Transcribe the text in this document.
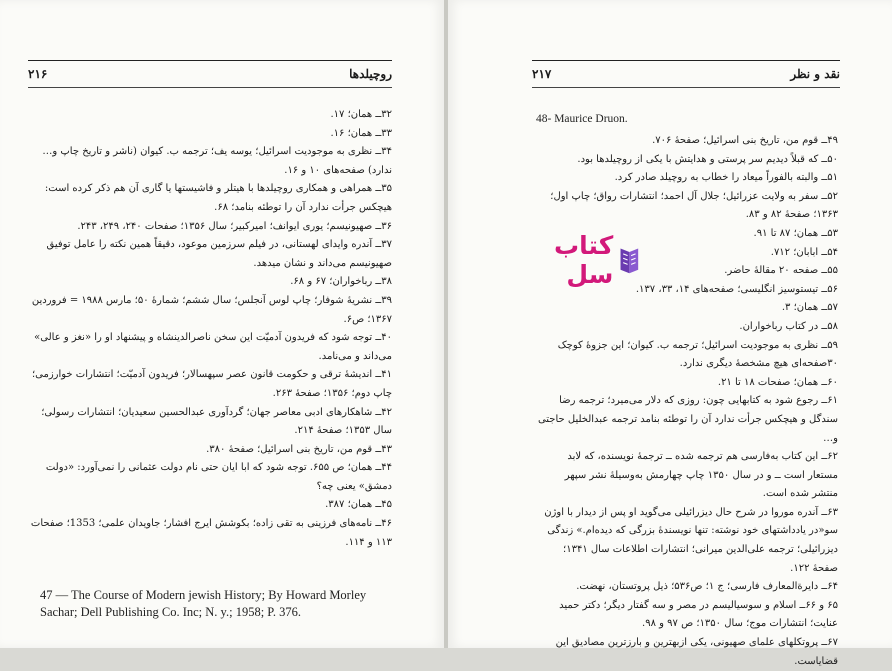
روچیلدها
۲۱۶

۳۲ــ همان؛ ۱۷.

۳۳ــ همان؛ ۱۶.

۳۴ــ نظری به موجودیت اسرائیل؛ یوسه یف؛ ترجمه ب. کیوان (ناشر و تاریخ چاپ و… ندارد) صفحه‌های ۱۰ و ۱۶.

۳۵ــ همراهی و همکاری روچیلدها با هیتلر و فاشیستها یا گاری آن هم ذکر کرده است: هیچکس جرأت ندارد آن را توطئه بنامد؛ ۶۸.

۳۶ــ صهیونیسم؛ یوری ایوانف؛ امیرکبیر؛ سال ۱۳۵۶؛ صفحات ۲۴۰، ۲۴۹، ۲۴۳.

۳۷ــ آندره وایدای لهستانی، در فیلم سرزمین موعود، دقیقاً همین نکته را عامل توفیق صهیونیسم می‌داند و نشان میدهد.

۳۸ــ رباخواران؛ ۶۷ و ۶۸.

۳۹ــ نشریهٔ شوفار؛ چاپ لوس آنجلس؛ سال ششم؛ شمارهٔ ۵۰؛ مارس ۱۹۸۸ = فروردین ۱۳۶۷؛ ص۶.

۴۰ــ توجه شود که فریدون آدمیّت این سخن ناصرالدینشاه و پیشنهاد او را «نغز و عالی» می‌داند و می‌نامد.

۴۱ــ اندیشهٔ ترقی و حکومت قانون عصر سپهسالار؛ فریدون آدمیّت؛ انتشارات خوارزمی؛ چاپ دوم؛ ۱۳۵۶؛ صفحهٔ ۲۶۳.

۴۲ــ شاهکارهای ادبی معاصر جهان؛ گردآوری عبدالحسین سعیدیان؛ انتشارات رسولی؛ سال ۱۳۵۳؛ صفحهٔ ۲۱۴.

۴۳ــ قوم من، تاریخ بنی اسرائیل؛ صفحهٔ ۳۸۰.

۴۴ــ همان؛ ص ۶۵۵. توجه شود که ابا ایان حتی نام دولت عثمانی را نمی‌آورد: «دولت دمشق» یعنی چه؟

۴۵ــ همان؛ ۳۸۷.

۴۶ــ نامه‌های فرزینی به تقی زاده؛ بکوشش ایرج افشار؛ جاویدان علمی؛ 1353؛ صفحات ۱۱۳ و ۱۱۴.

47 — The Course of Modern jewish History; By Howard Morley Sachar; Dell Publishing Co. Inc; N. y.; 1958; P. 376.
نقد و نظر
۲۱۷
48- Maurice Druon.

۴۹ــ قوم من، تاریخ بنی اسرائیل؛ صفحهٔ ۷۰۶.

۵۰ــ که قبلاً دیدیم سر پرستی و هدایتش با یکی از روچیلدها بود.

۵۱ــ والبته بالفوراً میعاد را خطاب به روچیلد صادر کرد.

۵۲ــ سفر به ولایت عزرائیل؛ جلال آل احمد؛ انتشارات رواق؛ چاپ اول؛ ۱۳۶۳؛ صفحهٔ ۸۲ و ۸۳.

۵۳ــ همان؛ ۸۷ تا ۹۱.

۵۴ــ ابابان؛ ۷۱۲.

۵۵ــ صفحه ۲۰ مقالهٔ حاضر.

۵۶ــ تیستوسیز انگلیسی؛ صفحه‌های ۱۴، ۳۳، ۱۳۷.

۵۷ــ همان؛ ۳.

۵۸ــ در کتاب رباخواران.

۵۹ــ نظری به موجودیت اسرائیل؛ ترجمه ب. کیوان؛ این جزوهٔ کوچک ۳۰صفحه‌ای هیچ مشخصهٔ دیگری ندارد.

۶۰ــ همان؛ صفحات ۱۸ تا ۲۱.

۶۱ــ رجوع شود به کتابهایی چون: روزی که دلار می‌میرد؛ ترجمه رضا سندگل و هیچکس جرأت ندارد آن را توطئه بنامد ترجمه عبدالخلیل حاجتی و…

۶۲ــ این کتاب به‌فارسی هم ترجمه شده ــ ترجمهٔ نویسنده، که لابد مستعار است ــ و در سال ۱۳۵۰ چاپ چهارمش به‌وسیلهٔ نشر سپهر منتشر شده است.

۶۳ــ آندره موروا در شرح حال دیزرائیلی می‌گوید او پس از دیدار با اوژن سو«در یادداشتهای خود نوشته: تنها نویسندهٔ بزرگی که دیده‌ام.» زندگی دیزرائیلی؛ ترجمه علی‌الدین میرانی؛ انتشارات اطلاعات سال ۱۳۴۱؛ صفحهٔ ۱۲۲.

۶۴ــ دایرة‌المعارف فارسی؛ ج ۱؛ ص۵۳۶؛ ذیل پروتستان، نهضت.

۶۵ و ۶۶ــ اسلام و سوسیالیسم در مصر و سه گفتار دیگر؛ دکتر حمید عنایت؛ انتشارات موج؛ سال ۱۳۵۰؛ ص ۹۷ و ۹۸.

۶۷ــ پروتکلهای علمای صهیونی، یکی ازبهترین و بارزترین مصادیق این قضایاست.

کتاب سل
